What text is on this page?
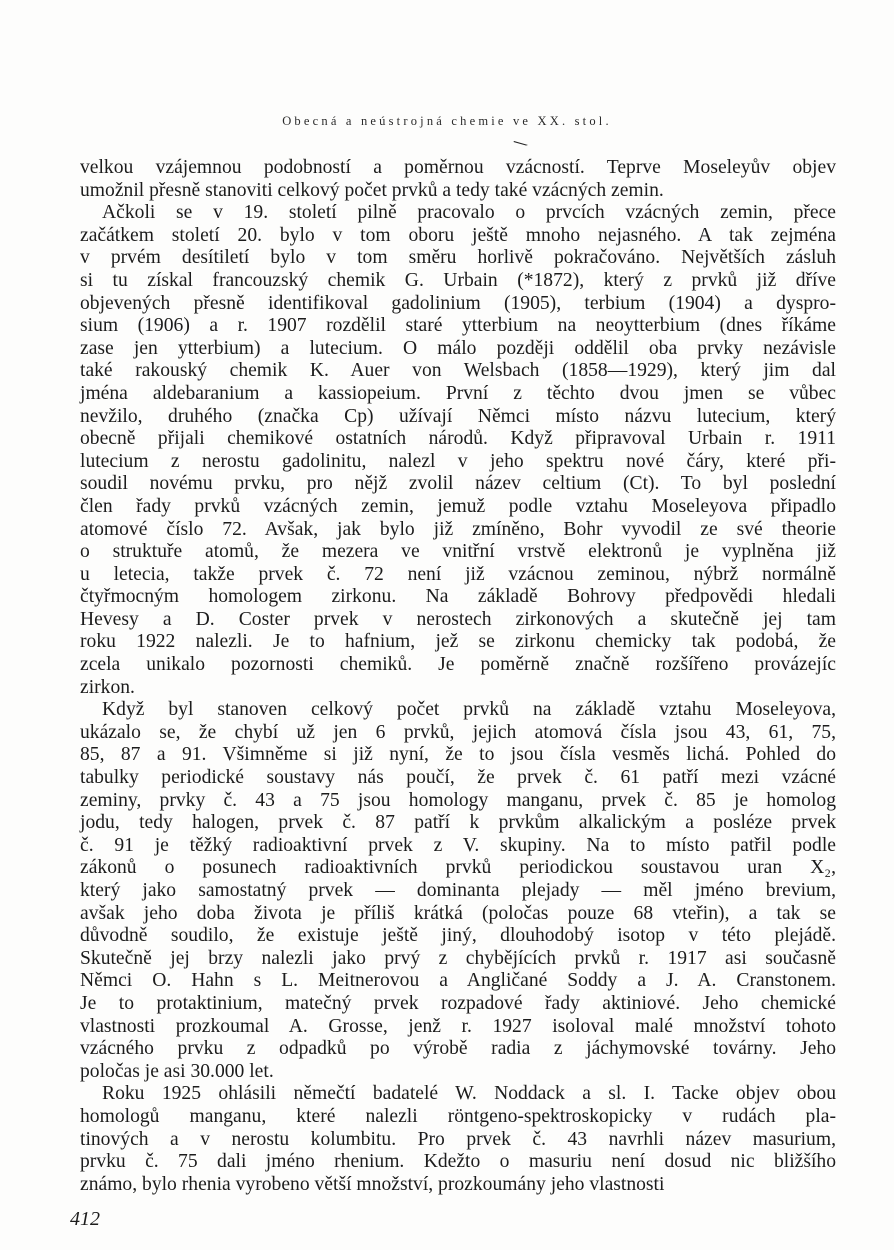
Obecná a neústrojná chemie ve XX. stol.
velkou vzájemnou podobností a poměrnou vzácností. Teprve Moseleyův objev
umožnil přesně stanoviti celkový počet prvků a tedy také vzácných zemin.
Ačkoli se v 19. století pilně pracovalo o prvcích vzácných zemin, přece
začátkem století 20. bylo v tom oboru ještě mnoho nejasného. A tak zejména
v prvém desítiletí bylo v tom směru horlivě pokračováno. Největších zásluh
si tu získal francouzský chemik G. Urbain (*1872), který z prvků již dříve
objevených přesně identifikoval gadolinium (1905), terbium (1904) a dyspro-
sium (1906) a r. 1907 rozdělil staré ytterbium na neoytterbium (dnes říkáme
zase jen ytterbium) a lutecium. O málo později oddělil oba prvky nezávisle
také rakouský chemik K. Auer von Welsbach (1858—1929), který jim dal
jména aldebaranium a kassiopeium. První z těchto dvou jmen se vůbec
nevžilo, druhého (značka Cp) užívají Němci místo názvu lutecium, který
obecně přijali chemikové ostatních národů. Když připravoval Urbain r. 1911
lutecium z nerostu gadolinitu, nalezl v jeho spektru nové čáry, které při-
soudil novému prvku, pro nějž zvolil název celtium (Ct). To byl poslední
člen řady prvků vzácných zemin, jemuž podle vztahu Moseleyova připadlo
atomové číslo 72. Avšak, jak bylo již zmíněno, Bohr vyvodil ze své theorie
o struktuře atomů, že mezera ve vnitřní vrstvě elektronů je vyplněna již
u letecia, takže prvek č. 72 není již vzácnou zeminou, nýbrž normálně
čtyřmocným homologem zirkonu. Na základě Bohrovy předpovědi hledali
Hevesy a D. Coster prvek v nerostech zirkonových a skutečně jej tam
roku 1922 nalezli. Je to hafnium, jež se zirkonu chemicky tak podobá, že
zcela unikalo pozornosti chemiků. Je poměrně značně rozšířeno provázejíc
zirkon.
Když byl stanoven celkový počet prvků na základě vztahu Moseleyova,
ukázalo se, že chybí už jen 6 prvků, jejich atomová čísla jsou 43, 61, 75,
85, 87 a 91. Všimněme si již nyní, že to jsou čísla vesměs lichá. Pohled do
tabulky periodické soustavy nás poučí, že prvek č. 61 patří mezi vzácné
zeminy, prvky č. 43 a 75 jsou homology manganu, prvek č. 85 je homolog
jodu, tedy halogen, prvek č. 87 patří k prvkům alkalickým a posléze prvek
č. 91 je těžký radioaktivní prvek z V. skupiny. Na to místo patřil podle
zákonů o posunech radioaktivních prvků periodickou soustavou uran X₂,
který jako samostatný prvek — dominanta plejady — měl jméno brevium,
avšak jeho doba života je příliš krátká (poločas pouze 68 vteřin), a tak se
důvodně soudilo, že existuje ještě jiný, dlouhodobý isotop v této plejádě.
Skutečně jej brzy nalezli jako prvý z chybějících prvků r. 1917 asi současně
Němci O. Hahn s L. Meitnerovou a Angličané Soddy a J. A. Cranstonem.
Je to protaktinium, matečný prvek rozpadové řady aktiniové. Jeho chemické
vlastnosti prozkoumal A. Grosse, jenž r. 1927 isoloval malé množství tohoto
vzácného prvku z odpadků po výrobě radia z jáchymovské továrny. Jeho
poločas je asi 30.000 let.
Roku 1925 ohlásili němečtí badatelé W. Noddack a sl. I. Tacke objev obou
homologů manganu, které nalezli röntgeno-spektroskopicky v rudách pla-
tinových a v nerostu kolumbitu. Pro prvek č. 43 navrhli název masurium,
prvku č. 75 dali jméno rhenium. Kdežto o masuriu není dosud nic bližšího
známo, bylo rhenia vyrobeno větší množství, prozkoumány jeho vlastnosti
412
